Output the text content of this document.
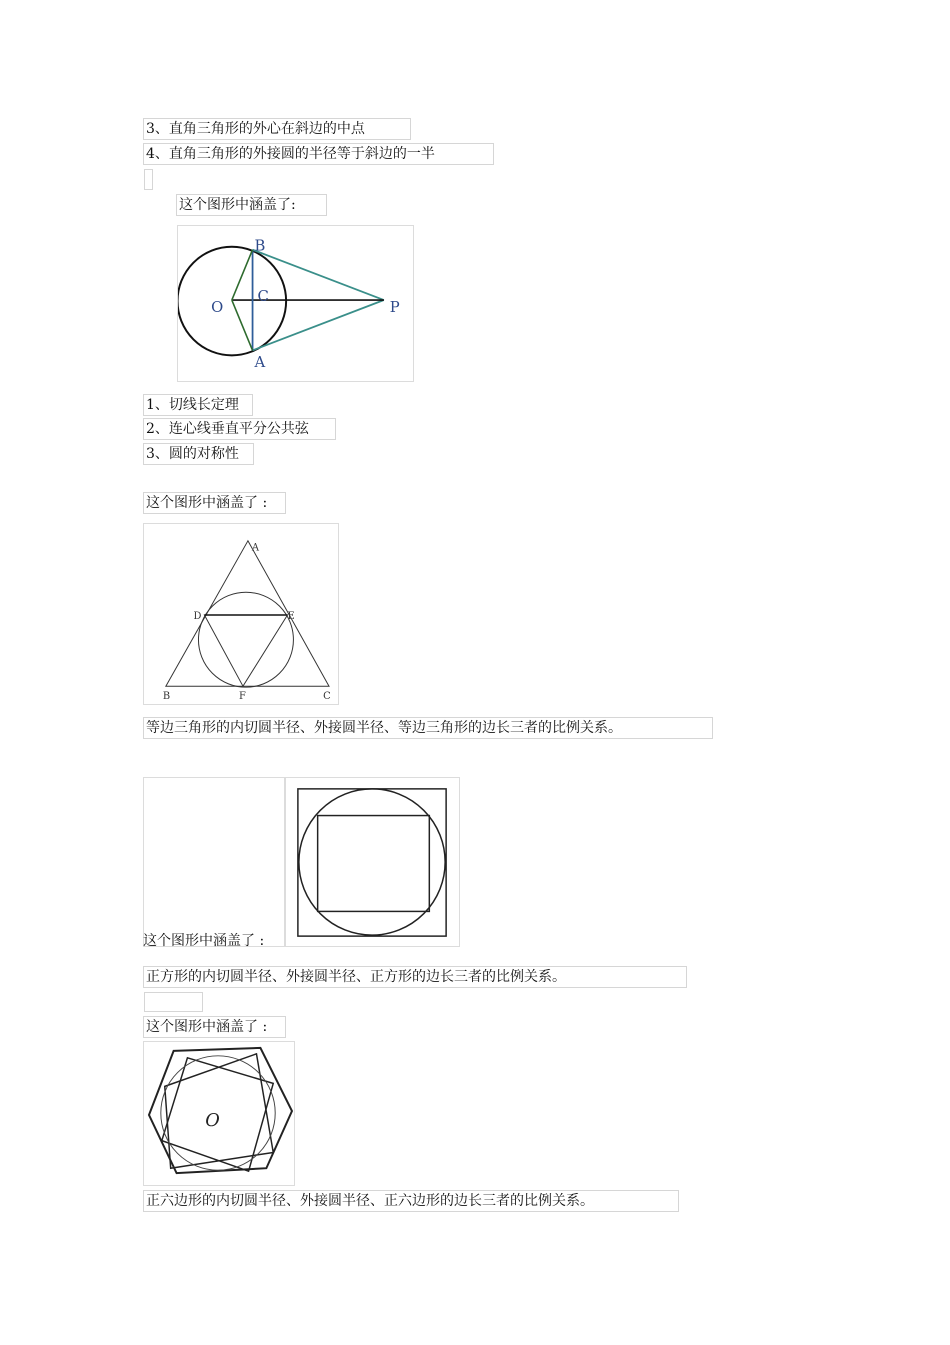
3、直角三角形的外心在斜边的中点
4、直角三角形的外接圆的半径等于斜边的一半
这个图形中涵盖了:
B
C
O	P
A
1、切线长定理
2、连心线垂直平分公共弦
3、圆的对称性
这个图形中涵盖了 :
A
D	E
B	F	C
等边三角形的内切圆半径、外接圆半径、等边三角形的边长三者的比例关系。
这个图形中涵盖了 :
正方形的内切圆半径、外接圆半径、正方形的边长三者的比例关系。
这个图形中涵盖了 :
O
正六边形的内切圆半径、外接圆半径、正六边形的边长三者的比例关系。
